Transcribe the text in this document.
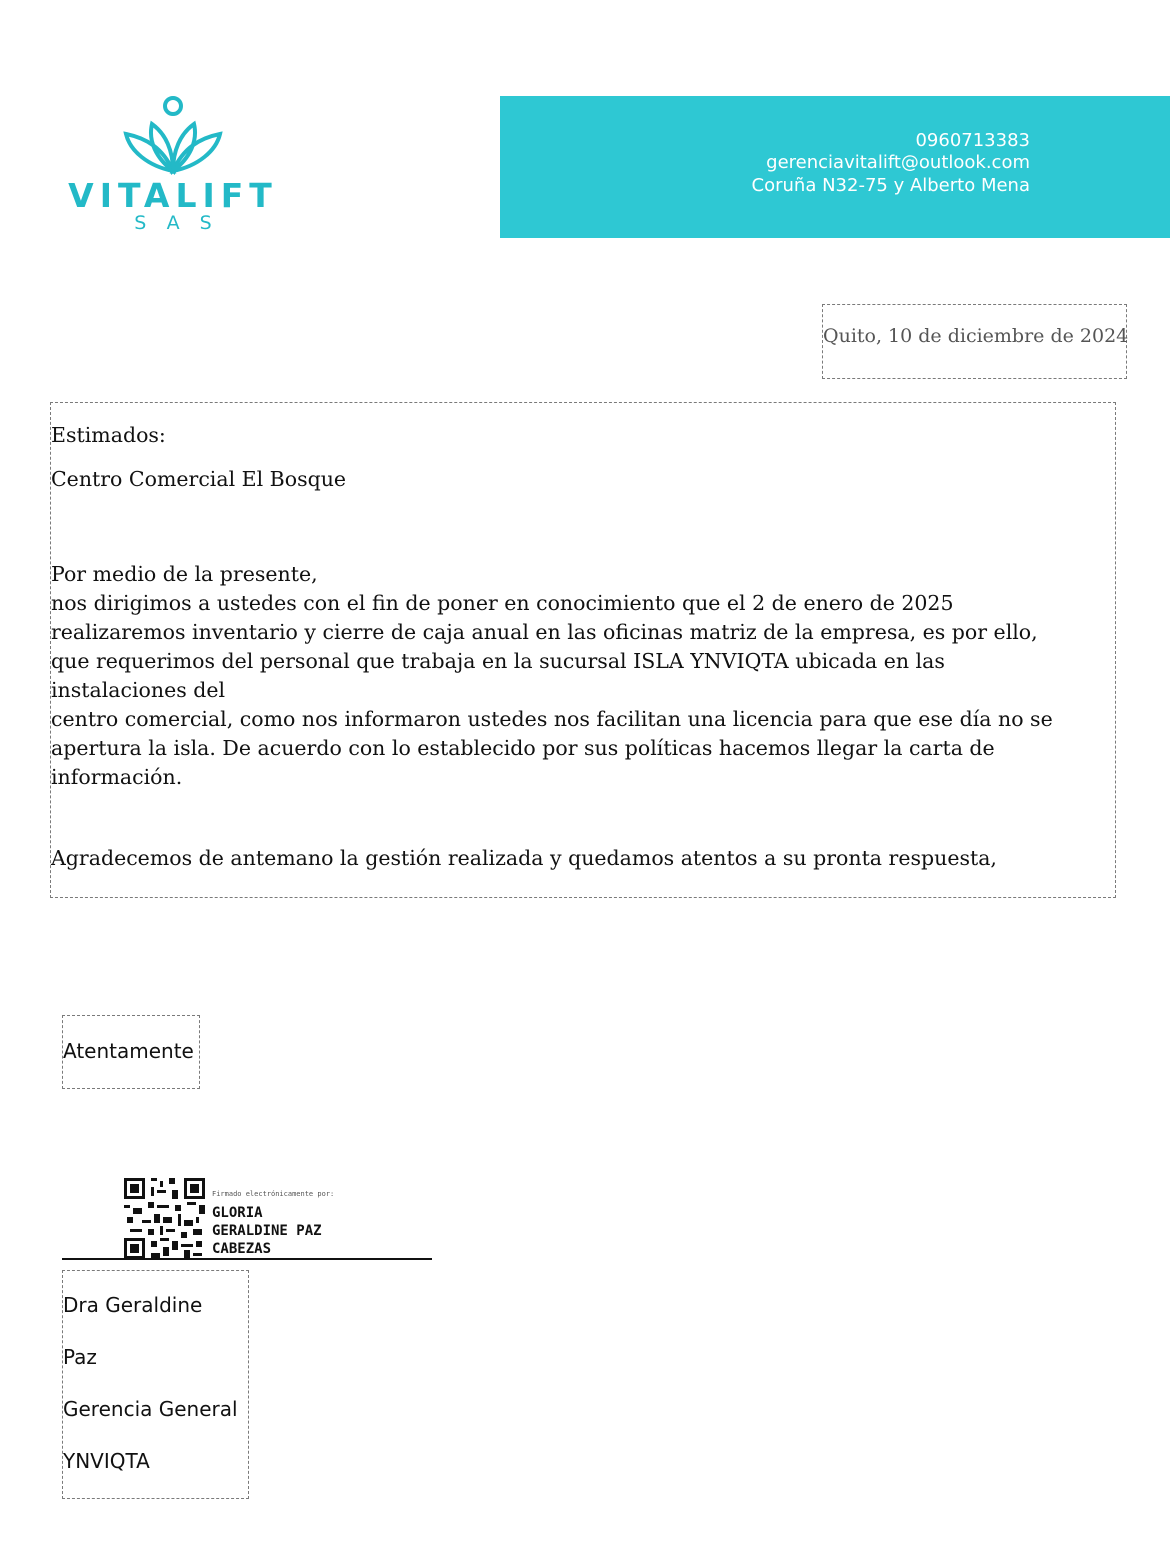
VITALIFT
SAS
0960713383
gerenciavitalift@outlook.com
Coruña N32-75 y Alberto Mena
Quito, 10 de diciembre de 2024
Estimados:
Centro Comercial El Bosque
Por medio de la presente,
nos dirigimos a ustedes con el fin de poner en conocimiento que el 2 de enero de 2025
realizaremos inventario y cierre de caja anual en las oficinas matriz de la empresa, es por ello,
que requerimos del personal que trabaja en la sucursal ISLA YNVIQTA ubicada en las
instalaciones del
centro comercial, como nos informaron ustedes nos facilitan una licencia para que ese día no se
apertura la isla. De acuerdo con lo establecido por sus políticas hacemos llegar la carta de
información.
Agradecemos de antemano la gestión realizada y quedamos atentos a su pronta respuesta,
Atentamente
Firmado electrónicamente por:
GLORIA
GERALDINE PAZ
CABEZAS
Dra Geraldine
Paz
Gerencia General
YNVIQTA
